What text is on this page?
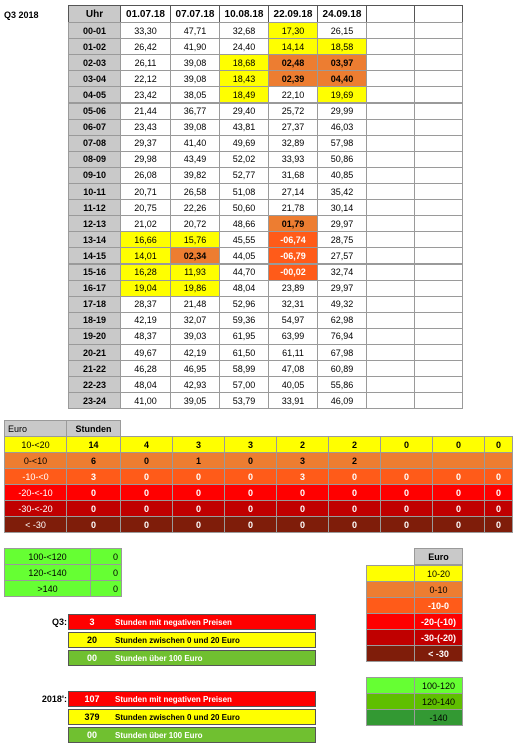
Q3 2018	Uhr	01.07.18	07.07.18	10.08.18	22.09.18	24.09.18
00-01	33,30	47,71	32,68	17,30	26,15
01-02	26,42	41,90	24,40	14,14	18,58
02-03	26,11	39,08	18,68	02,48	03,97
03-04	22,12	39,08	18,43	02,39	04,40
04-05	23,42	38,05	18,49	22,10	19,69
05-06	21,44	36,77	29,40	25,72	29,99
06-07	23,43	39,08	43,81	27,37	46,03
07-08	29,37	41,40	49,69	32,89	57,98
08-09	29,98	43,49	52,02	33,93	50,86
09-10	26,08	39,82	52,77	31,68	40,85
10-11	20,71	26,58	51,08	27,14	35,42
11-12	20,75	22,26	50,60	21,78	30,14
12-13	21,02	20,72	48,66	01,79	29,97
13-14	16,66	15,76	45,55	-06,74	28,75
14-15	14,01	02,34	44,05	-06,79	27,57
15-16	16,28	11,93	44,70	-00,02	32,74
16-17	19,04	19,86	48,04	23,89	29,97
17-18	28,37	21,48	52,96	32,31	49,32
18-19	42,19	32,07	59,36	54,97	62,98
19-20	48,37	39,03	61,95	63,99	76,94
20-21	49,67	42,19	61,50	61,11	67,98
21-22	46,28	46,95	58,99	47,08	60,89
22-23	48,04	42,93	57,00	40,05	55,86
23-24	41,00	39,05	53,79	33,91	46,09
Euro	Stunden
10-<20	14	4	3	3	2	2	0	0	0
0-<10	6	0	1	0	3	2
-10-<0	3	0	0	0	3	0	0	0	0
-20-<-10	0	0	0	0	0	0	0	0	0
-30-<-20	0	0	0	0	0	0	0	0	0
< -30	0	0	0	0	0	0	0	0	0
100-<120	0
120-<140	0
>140	0
Q3:	3	Stunden mit negativen Preisen
20	Stunden zwischen 0 und 20 Euro
00	Stunden über 100 Euro
2018':	107	Stunden mit negativen Preisen
379	Stunden zwischen 0 und 20 Euro
00	Stunden über 100 Euro
Euro
10-20
0-10
-10-0
-20-(-10)
-30-(-20)
< -30
100-120
120-140
-140
